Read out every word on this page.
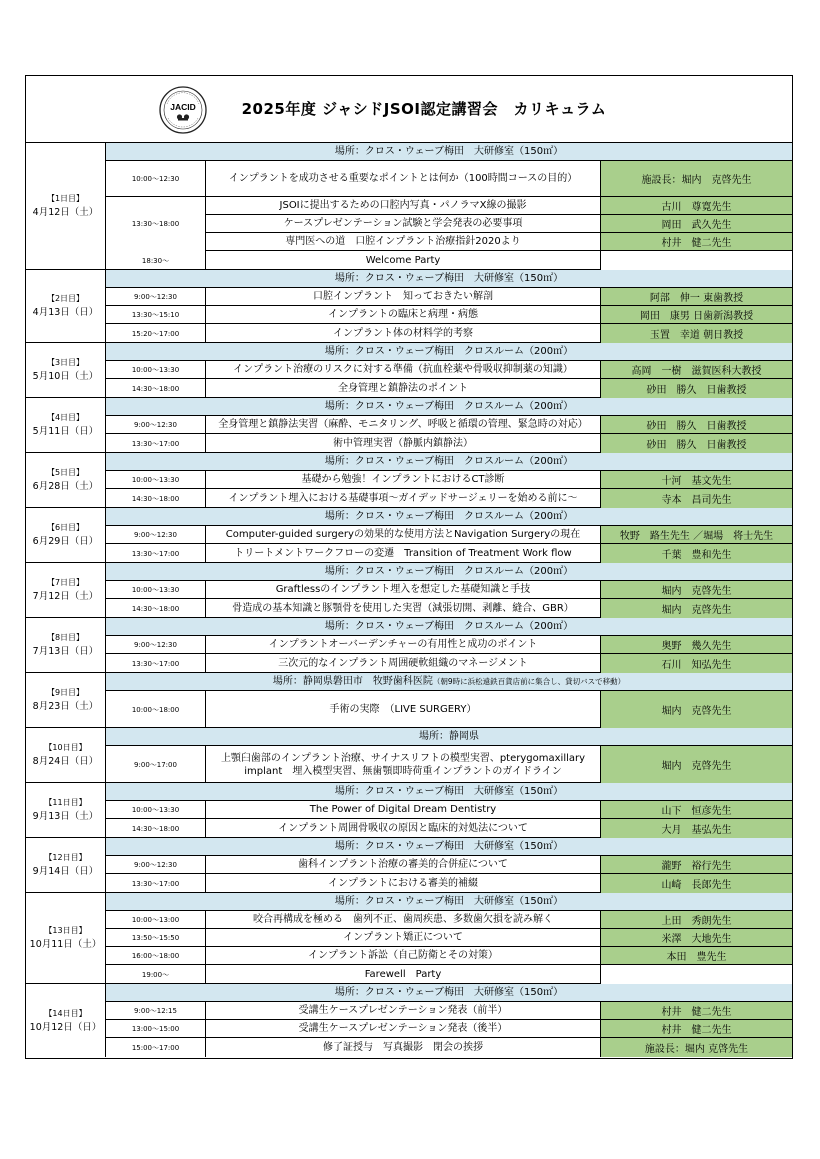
JACID	2025年度 ジャシドJSOI認定講習会　カリキュラム
【1日目】
4月12日（土）
場所：クロス・ウェーブ梅田　大研修室（150㎡）
10:00～12:30	インプラントを成功させる重要なポイントとは何か（100時間コースの目的）	施設長：堀内　克啓先生
13:30～18:00
JSOIに提出するための口腔内写真・パノラマX線の撮影	古川　尊寛先生
ケースプレゼンテーション試験と学会発表の必要事項	岡田　武久先生
専門医への道　口腔インプラント治療指針2020より	村井　健二先生
18:30～	Welcome Party
【2日目】
4月13日（日）
場所：クロス・ウェーブ梅田　大研修室（150㎡）
9:00～12:30	口腔インプラント　知っておきたい解剖	阿部　伸一 東歯教授
13:30～15:10	インプラントの臨床と病理・病態	岡田　康男 日歯新潟教授
15:20～17:00	インプラント体の材料学的考察	玉置　幸道 朝日教授
【3日目】
5月10日（土）
場所：クロス・ウェーブ梅田　クロスルーム（200㎡）
10:00～13:30	インプラント治療のリスクに対する準備（抗血栓薬や骨吸収抑制薬の知識）	高岡　一樹　滋賀医科大教授
14:30～18:00	全身管理と鎮静法のポイント	砂田　勝久　日歯教授
【4日目】
5月11日（日）
場所：クロス・ウェーブ梅田　クロスルーム（200㎡）
9:00～12:30	全身管理と鎮静法実習（麻酔、モニタリング、呼吸と循環の管理、緊急時の対応）	砂田　勝久　日歯教授
13:30～17:00	術中管理実習（静脈内鎮静法）	砂田　勝久　日歯教授
【5日目】
6月28日（土）
場所：クロス・ウェーブ梅田　クロスルーム（200㎡）
10:00～13:30	基礎から勉強！インプラントにおけるCT診断	十河　基文先生
14:30～18:00	インプラント埋入における基礎事項～ガイデッドサージェリーを始める前に～	寺本　昌司先生
【6日目】
6月29日（日）
場所：クロス・ウェーブ梅田　クロスルーム（200㎡）
9:00～12:30	Computer-guided surgeryの効果的な使用方法とNavigation Surgeryの現在	牧野　路生先生 ／堀場　将士先生
13:30～17:00	トリートメントワークフローの変遷　Transition of Treatment Work flow	千葉　豊和先生
【7日目】
7月12日（土）
場所：クロス・ウェーブ梅田　クロスルーム（200㎡）
10:00～13:30	Graftlessのインプラント埋入を想定した基礎知識と手技	堀内　克啓先生
14:30～18:00	骨造成の基本知識と豚顎骨を使用した実習（減張切開、剥離、縫合、GBR）	堀内　克啓先生
【8日目】
7月13日（日）
場所：クロス・ウェーブ梅田　クロスルーム（200㎡）
9:00～12:30	インプラントオーバーデンチャーの有用性と成功のポイント	奥野　幾久先生
13:30～17:00	三次元的なインプラント周囲硬軟組織のマネージメント	石川　知弘先生
【9日目】
8月23日（土）
場所：静岡県磐田市　牧野歯科医院（朝9時に浜松遠鉄百貨店前に集合し、貸切バスで移動）
10:00～18:00	手術の実際　（LIVE SURGERY）	堀内　克啓先生
【10日目】
8月24日（日）
場所：静岡県
9:00～17:00
上顎臼歯部のインプラント治療、サイナスリフトの模型実習、pterygomaxillary implant　埋入模型実習、無歯顎即時荷重インプラントのガイドライン	堀内　克啓先生
【11日目】
9月13日（土）
場所：クロス・ウェーブ梅田　大研修室（150㎡）
10:00～13:30	The Power of Digital Dream Dentistry	山下　恒彦先生
14:30～18:00	インプラント周囲骨吸収の原因と臨床的対処法について	大月　基弘先生
【12日目】
9月14日（日）
場所：クロス・ウェーブ梅田　大研修室（150㎡）
9:00～12:30	歯科インプラント治療の審美的合併症について	瀧野　裕行先生
13:30～17:00	インプラントにおける審美的補綴	山崎　長郎先生
【13日目】
10月11日（土）
場所：クロス・ウェーブ梅田　大研修室（150㎡）
10:00～13:00	咬合再構成を極める　歯列不正、歯周疾患、多数歯欠損を読み解く	上田　秀朗先生
13:50～15:50	インプラント矯正について	米澤　大地先生
16:00～18:00	インプラント訴訟（自己防衛とその対策）	本田　豊先生
19:00～	Farewell　Party
【14日目】
10月12日（日）
場所：クロス・ウェーブ梅田　大研修室（150㎡）
9:00～12:15	受講生ケースプレゼンテーション発表（前半）	村井　健二先生
13:00～15:00	受講生ケースプレゼンテーション発表（後半）	村井　健二先生
15:00～17:00	修了証授与　写真撮影　閉会の挨拶	施設長：堀内 克啓先生
